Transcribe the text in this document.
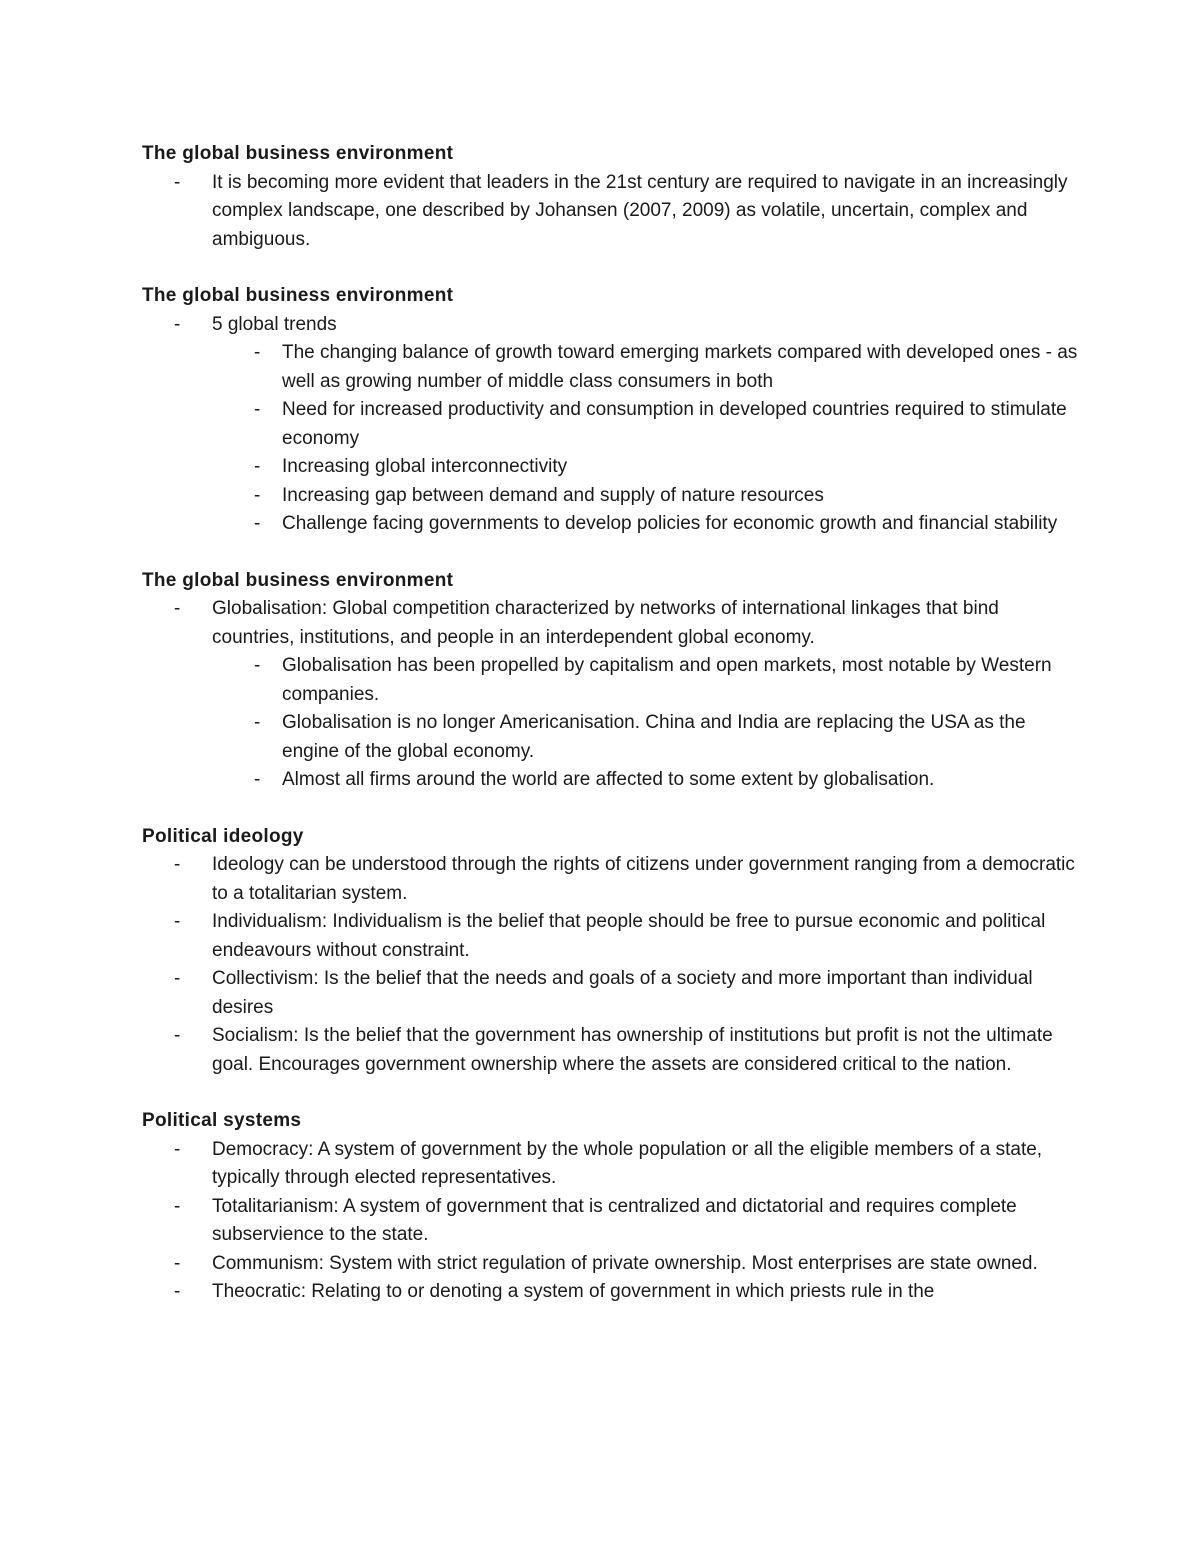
The global business environment

- It is becoming more evident that leaders in the 21st century are required to navigate in an increasingly complex landscape, one described by Johansen (2007, 2009) as volatile, uncertain, complex and ambiguous.

The global business environment

- 5 global trends
- The changing balance of growth toward emerging markets compared with developed ones - as well as growing number of middle class consumers in both
- Need for increased productivity and consumption in developed countries required to stimulate economy
- Increasing global interconnectivity
- Increasing gap between demand and supply of nature resources
- Challenge facing governments to develop policies for economic growth and financial stability

The global business environment

- Globalisation: Global competition characterized by networks of international linkages that bind countries, institutions, and people in an interdependent global economy.
- Globalisation has been propelled by capitalism and open markets, most notable by Western companies.
- Globalisation is no longer Americanisation. China and India are replacing the USA as the engine of the global economy.
- Almost all firms around the world are affected to some extent by globalisation.

Political ideology

- Ideology can be understood through the rights of citizens under government ranging from a democratic to a totalitarian system.
- Individualism: Individualism is the belief that people should be free to pursue economic and political endeavours without constraint.
- Collectivism: Is the belief that the needs and goals of a society and more important than individual desires
- Socialism: Is the belief that the government has ownership of institutions but profit is not the ultimate goal. Encourages government ownership where the assets are considered critical to the nation.

Political systems

- Democracy: A system of government by the whole population or all the eligible members of a state, typically through elected representatives.
- Totalitarianism: A system of government that is centralized and dictatorial and requires complete subservience to the state.
- Communism: System with strict regulation of private ownership. Most enterprises are state owned.
- Theocratic: Relating to or denoting a system of government in which priests rule in the
